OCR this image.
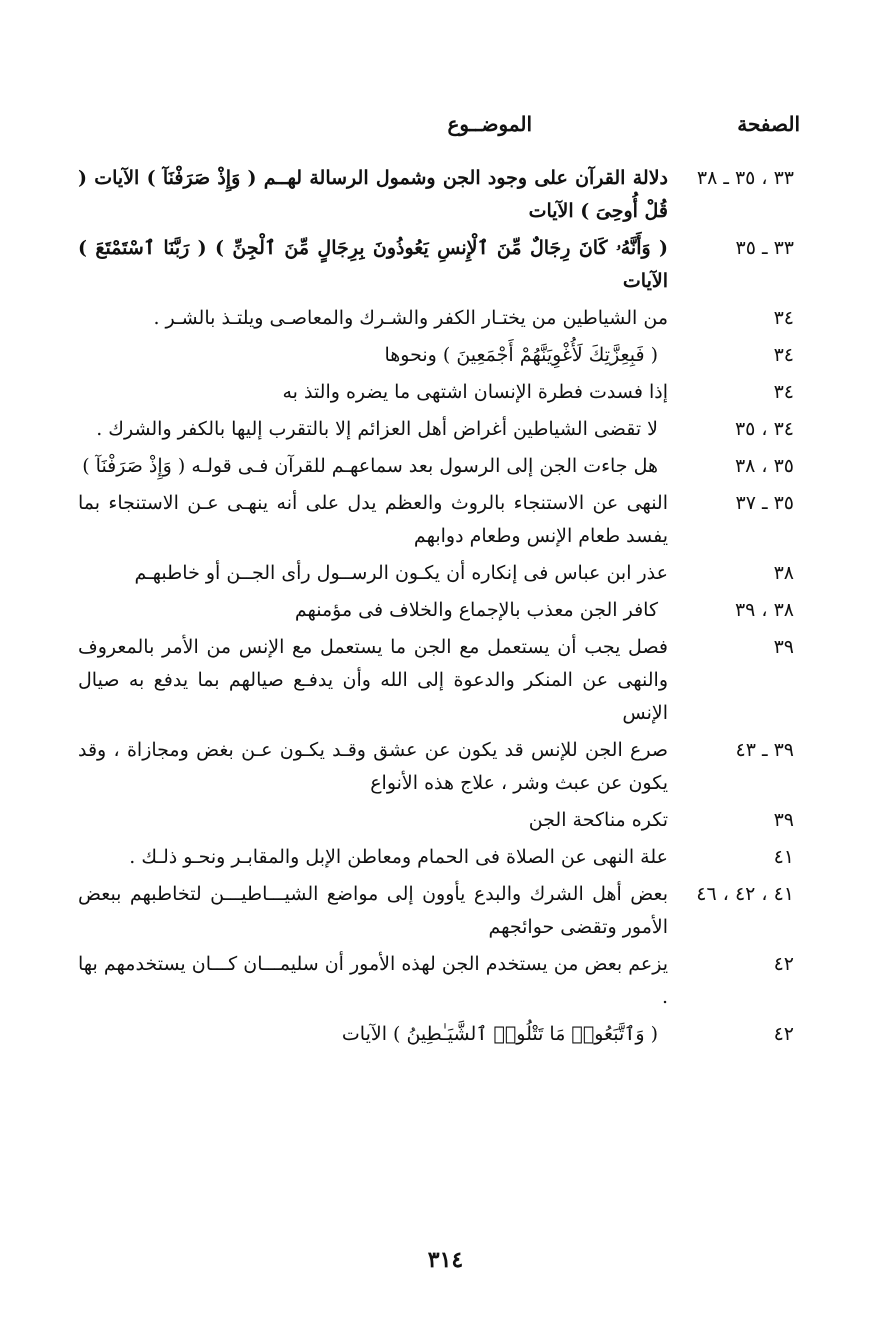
الصفحة
الموضــوع
٣٣ ، ٣٥ ـ ٣٨
دلالة القرآن على وجود الجن وشمول الرسالة لهــم ( وَإِذْ صَرَفْنَآ ) الآيات ( قُلْ أُوحِىَ ) الآيات
٣٣ ـ ٣٥
( وَأَنَّهُۥ كَانَ رِجَالٌ مِّنَ ٱلْإِنسِ يَعُوذُونَ بِرِجَالٍ مِّنَ ٱلْجِنِّ ) ( رَبَّنَا ٱسْتَمْتَعَ ) الآيات
٣٤
من الشياطين من يختـار الكفر والشـرك والمعاصـى ويلتـذ بالشـر .
٣٤
( فَبِعِزَّتِكَ لَأُغْوِيَنَّهُمْ أَجْمَعِينَ ) ونحوها
٣٤
إذا فسدت فطرة الإنسان اشتهى ما يضره والتذ به
٣٤ ، ٣٥
لا تقضى الشياطين أغراض أهل العزائم إلا بالتقرب إليها بالكفر والشرك .
٣٥ ، ٣٨
هل جاءت الجن إلى الرسول بعد سماعهـم للقرآن فـى قولـه ( وَإِذْ صَرَفْنَآ )
٣٥ ـ ٣٧
النهى عن الاستنجاء بالروث والعظم يدل على أنه ينهـى عـن الاستنجاء بما يفسد طعام الإنس وطعام دوابهم
٣٨
عذر ابن عباس فى إنكاره أن يكـون الرســول رأى الجــن أو خاطبهـم
٣٨ ، ٣٩
كافر الجن معذب بالإجماع والخلاف فى مؤمنهم
٣٩
فصل يجب أن يستعمل مع الجن ما يستعمل مع الإنس من الأمر بالمعروف والنهى عن المنكر والدعوة إلى الله وأن يدفـع صيالهم بما يدفع به صيال الإنس
٣٩ ـ ٤٣
صرع الجن للإنس قد يكون عن عشق وقـد يكـون عـن بغض ومجازاة ، وقد يكون عن عبث وشر ، علاج هذه الأنواع
٣٩
تكره مناكحة الجن
٤١
علة النهى عن الصلاة فى الحمام ومعاطن الإبل والمقابـر ونحـو ذلـك .
٤١ ، ٤٢ ، ٤٦
بعض أهل الشرك والبدع يأوون إلى مواضع الشيـــاطيـــن لتخاطبهم ببعض الأمور وتقضى حوائجهم
٤٢
يزعم بعض من يستخدم الجن لهذه الأمور أن سليمـــان كـــان يستخدمهم بها .
٤٢
( وَٱتَّبَعُوا۟ مَا تَتْلُوا۟ ٱلشَّيَـٰطِينُ ) الآيات
٣١٤
